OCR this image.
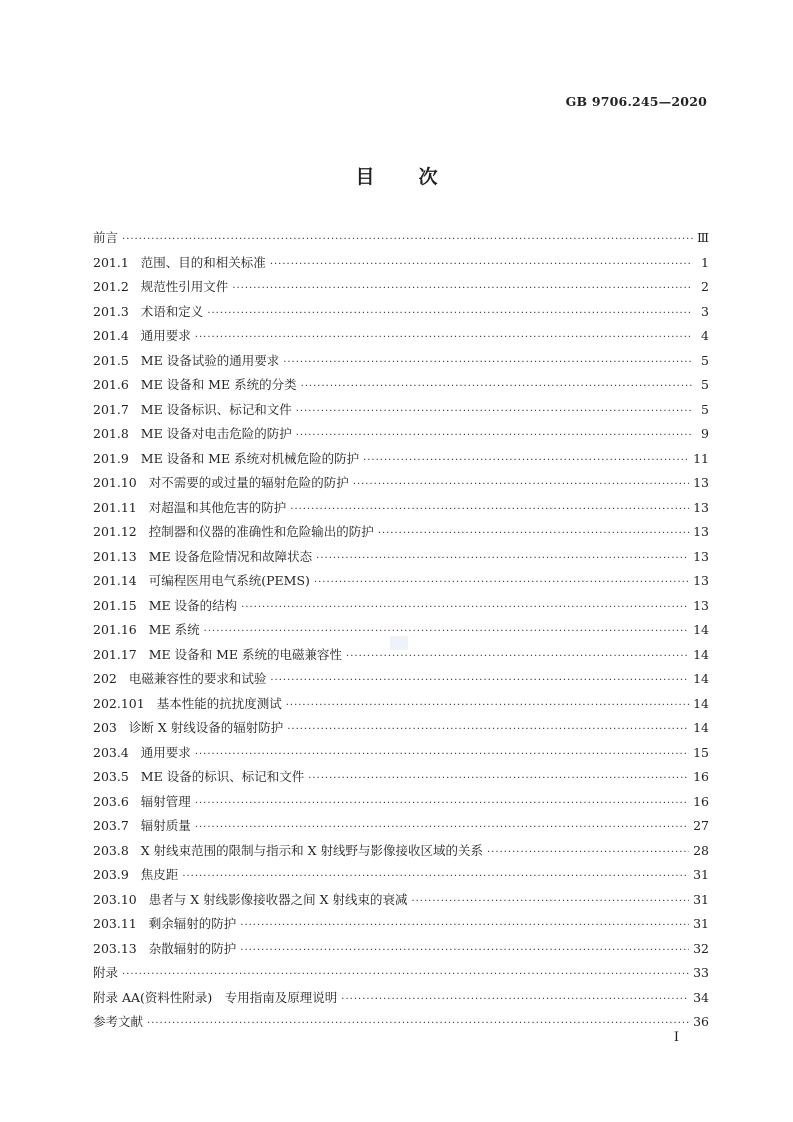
GB 9706.245—2020
目 次
前言 ·····	Ⅲ
201.1 范围、目的和相关标准 ·····	1
201.2 规范性引用文件 ·····	2
201.3 术语和定义 ·····	3
201.4 通用要求 ·····	4
201.5 ME 设备试验的通用要求 ·····	5
201.6 ME 设备和 ME 系统的分类 ·····	5
201.7 ME 设备标识、标记和文件 ·····	5
201.8 ME 设备对电击危险的防护 ·····	9
201.9 ME 设备和 ME 系统对机械危险的防护 ·····	11
201.10 对不需要的或过量的辐射危险的防护 ·····	13
201.11 对超温和其他危害的防护 ·····	13
201.12 控制器和仪器的准确性和危险输出的防护 ·····	13
201.13 ME 设备危险情况和故障状态 ·····	13
201.14 可编程医用电气系统(PEMS) ·····	13
201.15 ME 设备的结构 ·····	13
201.16 ME 系统 ·····	14
201.17 ME 设备和 ME 系统的电磁兼容性 ·····	14
202 电磁兼容性的要求和试验 ·····	14
202.101 基本性能的抗扰度测试 ·····	14
203 诊断 X 射线设备的辐射防护 ·····	14
203.4 通用要求 ·····	15
203.5 ME 设备的标识、标记和文件 ·····	16
203.6 辐射管理 ·····	16
203.7 辐射质量 ·····	27
203.8 X 射线束范围的限制与指示和 X 射线野与影像接收区域的关系 ·····	28
203.9 焦皮距 ·····	31
203.10 患者与 X 射线影像接收器之间 X 射线束的衰减 ·····	31
203.11 剩余辐射的防护 ·····	31
203.13 杂散辐射的防护 ·····	32
附录 ·····	33
附录 AA(资料性附录)　专用指南及原理说明 ·····	34
参考文献 ·····	36
I
